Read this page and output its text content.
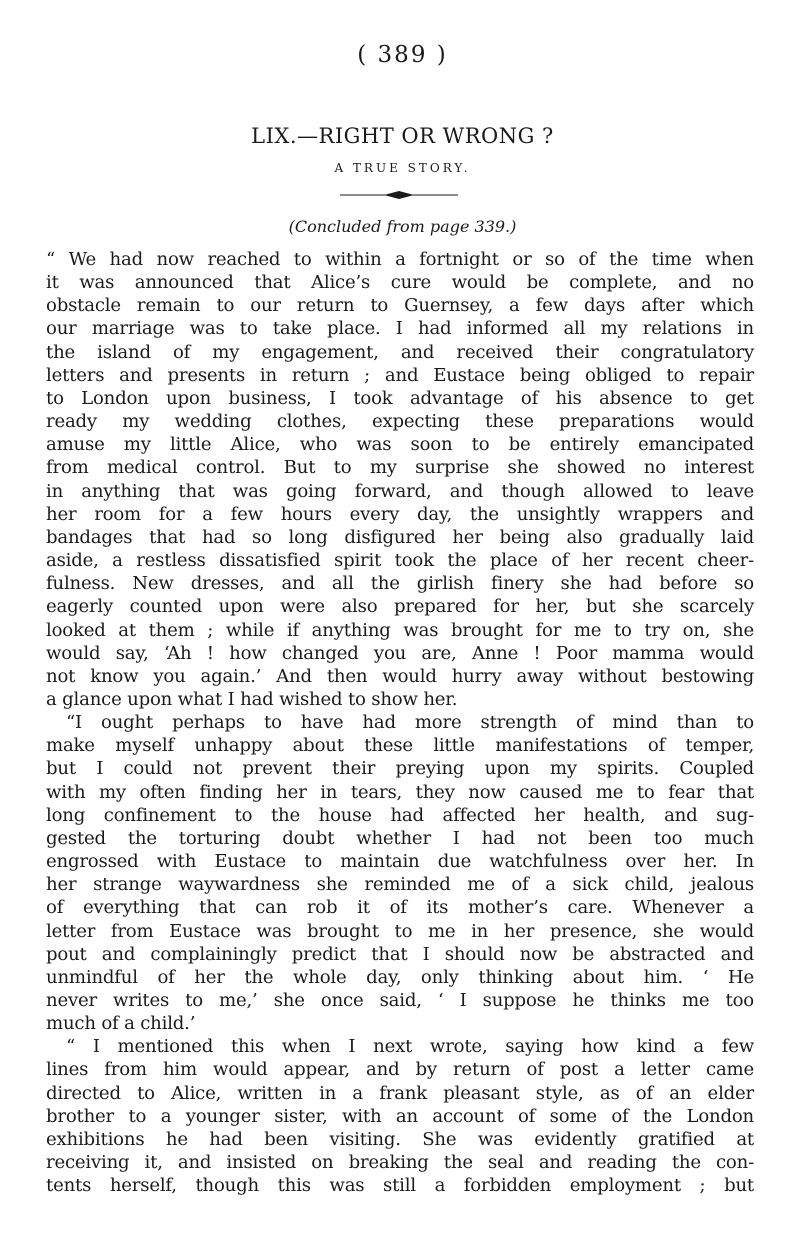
( 389 )
LIX.—RIGHT OR WRONG ?
A TRUE STORY.
(Concluded from page 339.)
“ We had now reached to within a fortnight or so of the time when
it was announced that Alice’s cure would be complete, and no
obstacle remain to our return to Guernsey, a few days after which
our marriage was to take place. I had informed all my relations in
the island of my engagement, and received their congratulatory
letters and presents in return ; and Eustace being obliged to repair
to London upon business, I took advantage of his absence to get
ready my wedding clothes, expecting these preparations would
amuse my little Alice, who was soon to be entirely emancipated
from medical control. But to my surprise she showed no interest
in anything that was going forward, and though allowed to leave
her room for a few hours every day, the unsightly wrappers and
bandages that had so long disfigured her being also gradually laid
aside, a restless dissatisfied spirit took the place of her recent cheer-
fulness. New dresses, and all the girlish finery she had before so
eagerly counted upon were also prepared for her, but she scarcely
looked at them ; while if anything was brought for me to try on, she
would say, ‘Ah ! how changed you are, Anne ! Poor mamma would
not know you again.’ And then would hurry away without bestowing
a glance upon what I had wished to show her.
“I ought perhaps to have had more strength of mind than to
make myself unhappy about these little manifestations of temper,
but I could not prevent their preying upon my spirits. Coupled
with my often finding her in tears, they now caused me to fear that
long confinement to the house had affected her health, and sug-
gested the torturing doubt whether I had not been too much
engrossed with Eustace to maintain due watchfulness over her. In
her strange waywardness she reminded me of a sick child, jealous
of everything that can rob it of its mother’s care. Whenever a
letter from Eustace was brought to me in her presence, she would
pout and complainingly predict that I should now be abstracted and
unmindful of her the whole day, only thinking about him. ‘ He
never writes to me,’ she once said, ‘ I suppose he thinks me too
much of a child.’
“ I mentioned this when I next wrote, saying how kind a few
lines from him would appear, and by return of post a letter came
directed to Alice, written in a frank pleasant style, as of an elder
brother to a younger sister, with an account of some of the London
exhibitions he had been visiting. She was evidently gratified at
receiving it, and insisted on breaking the seal and reading the con-
tents herself, though this was still a forbidden employment ; but
